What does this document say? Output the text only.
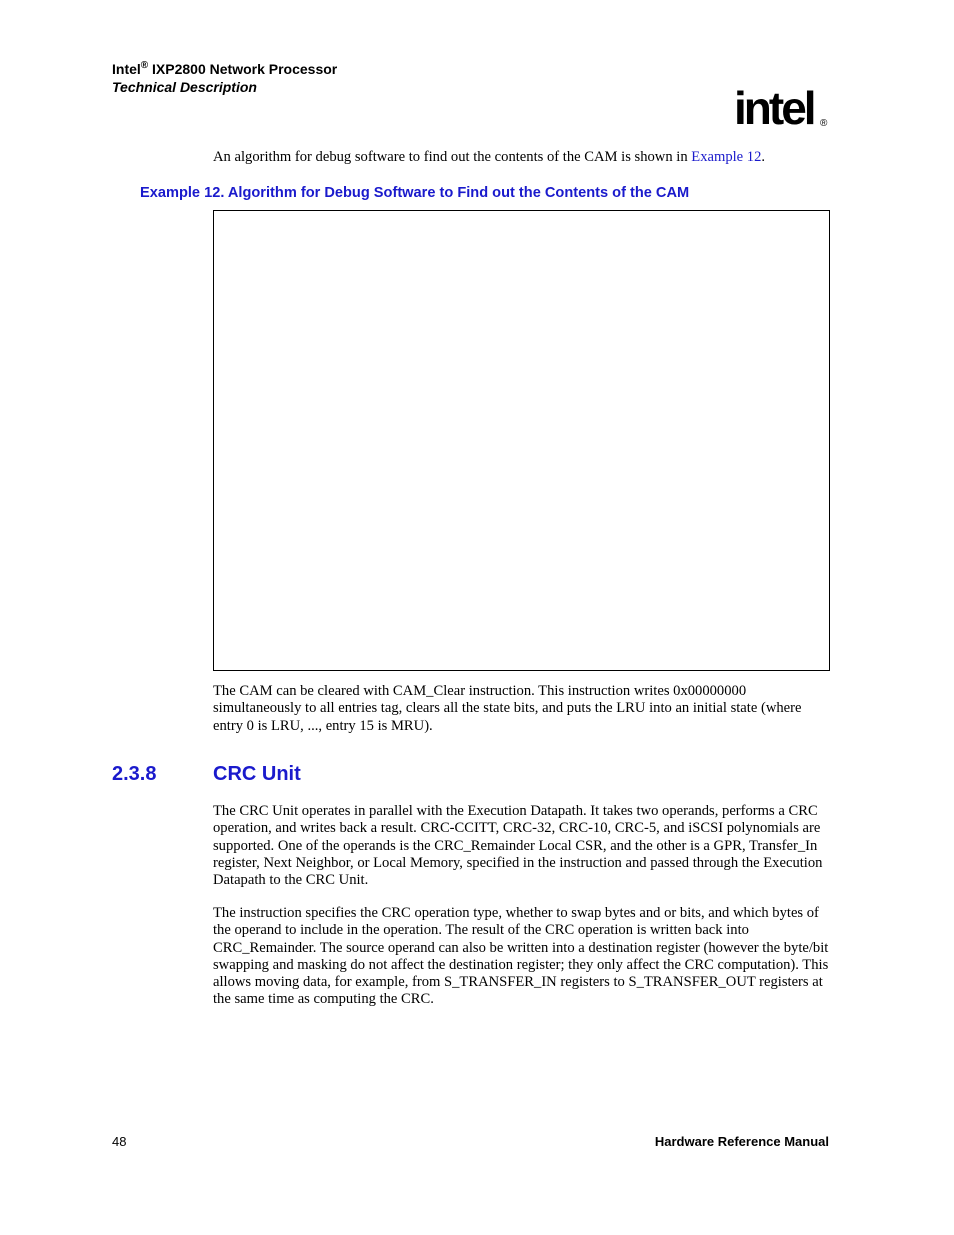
Intel® IXP2800 Network Processor
Technical Description	intel ®
An algorithm for debug software to find out the contents of the CAM is shown in Example 12.
Example 12. Algorithm for Debug Software to Find out the Contents of the CAM
The CAM can be cleared with CAM_Clear instruction. This instruction writes 0x00000000 simultaneously to all entries tag, clears all the state bits, and puts the LRU into an initial state (where entry 0 is LRU, ..., entry 15 is MRU).
2.3.8	CRC Unit
The CRC Unit operates in parallel with the Execution Datapath. It takes two operands, performs a CRC operation, and writes back a result. CRC-CCITT, CRC-32, CRC-10, CRC-5, and iSCSI polynomials are supported. One of the operands is the CRC_Remainder Local CSR, and the other is a GPR, Transfer_In register, Next Neighbor, or Local Memory, specified in the instruction and passed through the Execution Datapath to the CRC Unit.
The instruction specifies the CRC operation type, whether to swap bytes and or bits, and which bytes of the operand to include in the operation. The result of the CRC operation is written back into CRC_Remainder. The source operand can also be written into a destination register (however the byte/bit swapping and masking do not affect the destination register; they only affect the CRC computation). This allows moving data, for example, from S_TRANSFER_IN registers to S_TRANSFER_OUT registers at the same time as computing the CRC.
48	Hardware Reference Manual
